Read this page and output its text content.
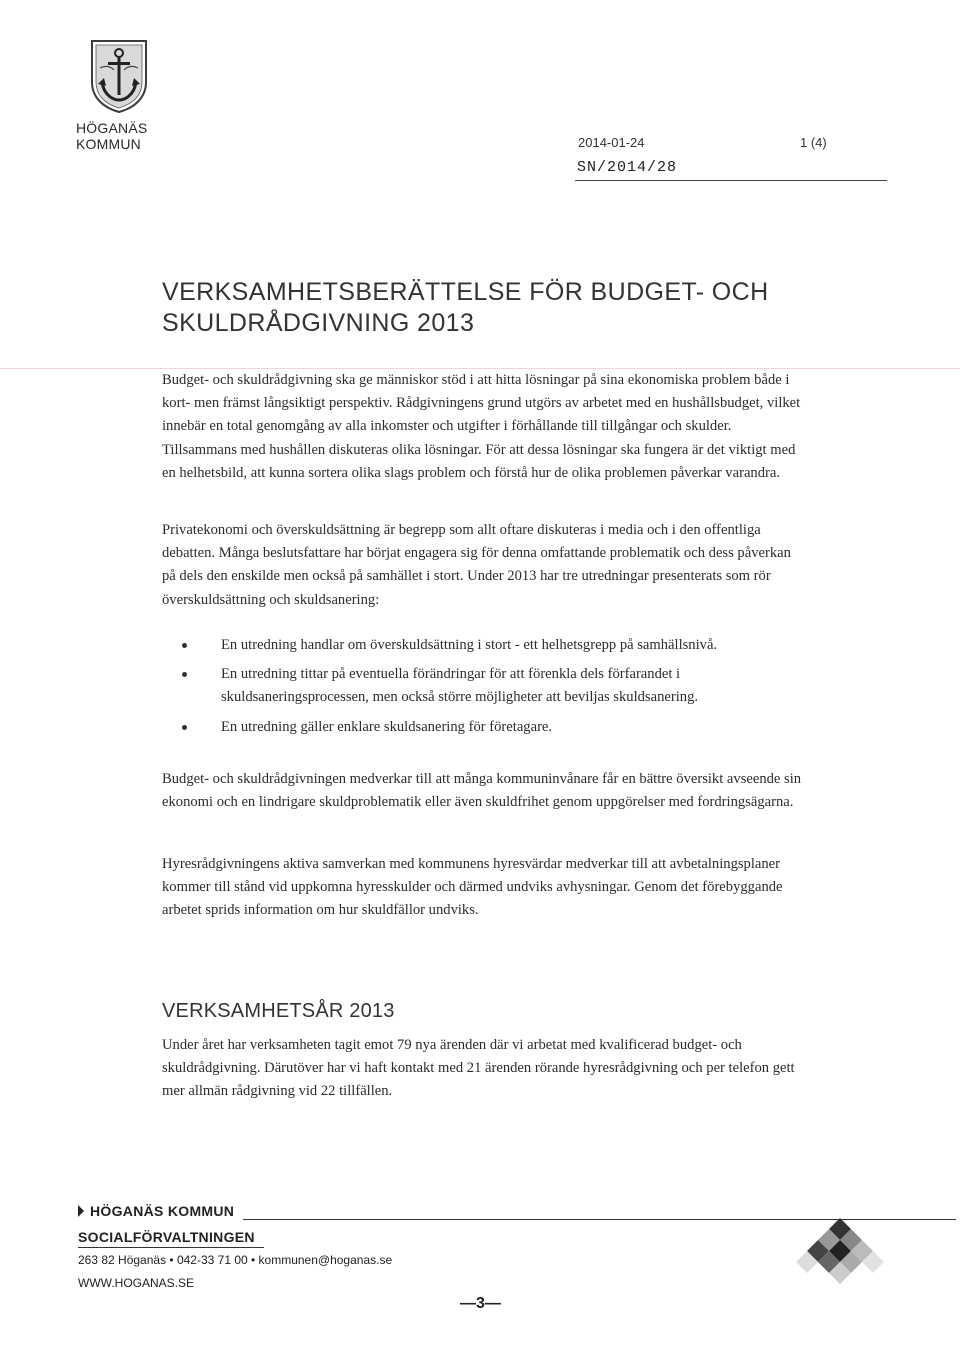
HÖGANÄS
KOMMUN	2014-01-24	1 (4)
SN/2014/28
VERKSAMHETSBERÄTTELSE FÖR BUDGET- OCH
SKULDRÅDGIVNING 2013

Budget- och skuldrådgivning ska ge människor stöd i att hitta lösningar på sina ekonomiska problem både i kort- men främst långsiktigt perspektiv. Rådgivningens grund utgörs av arbetet med en hushållsbudget, vilket innebär en total genomgång av alla inkomster och utgifter i förhållande till tillgångar och skulder. Tillsammans med hushållen diskuteras olika lösningar. För att dessa lösningar ska fungera är det viktigt med en helhetsbild, att kunna sortera olika slags problem och förstå hur de olika problemen påverkar varandra.

Privatekonomi och överskuldsättning är begrepp som allt oftare diskuteras i media och i den offentliga debatten. Många beslutsfattare har börjat engagera sig för denna omfattande problematik och dess påverkan på dels den enskilde men också på samhället i stort. Under 2013 har tre utredningar presenterats som rör överskuldsättning och skuldsanering:

En utredning handlar om överskuldsättning i stort - ett helhetsgrepp på samhällsnivå.
En utredning tittar på eventuella förändringar för att förenkla dels förfarandet i skuldsaneringsprocessen, men också större möjligheter att beviljas skuldsanering.
En utredning gäller enklare skuldsanering för företagare.

Budget- och skuldrådgivningen medverkar till att många kommuninvånare får en bättre översikt avseende sin ekonomi och en lindrigare skuldproblematik eller även skuldfrihet genom uppgörelser med fordringsägarna.

Hyresrådgivningens aktiva samverkan med kommunens hyresvärdar medverkar till att avbetalningsplaner kommer till stånd vid uppkomna hyresskulder och därmed undviks avhysningar. Genom det förebyggande arbetet sprids information om hur skuldfällor undviks.

VERKSAMHETSÅR 2013

Under året har verksamheten tagit emot 79 nya ärenden där vi arbetat med kvalificerad budget- och skuldrådgivning. Därutöver har vi haft kontakt med 21 ärenden rörande hyresrådgivning och per telefon gett mer allmän rådgivning vid 22 tillfällen.

HÖGANÄS KOMMUN
SOCIALFÖRVALTNINGEN
263 82 Höganäs • 042-33 71 00 • kommunen@hoganas.se
WWW.HOGANAS.SE
—3—
